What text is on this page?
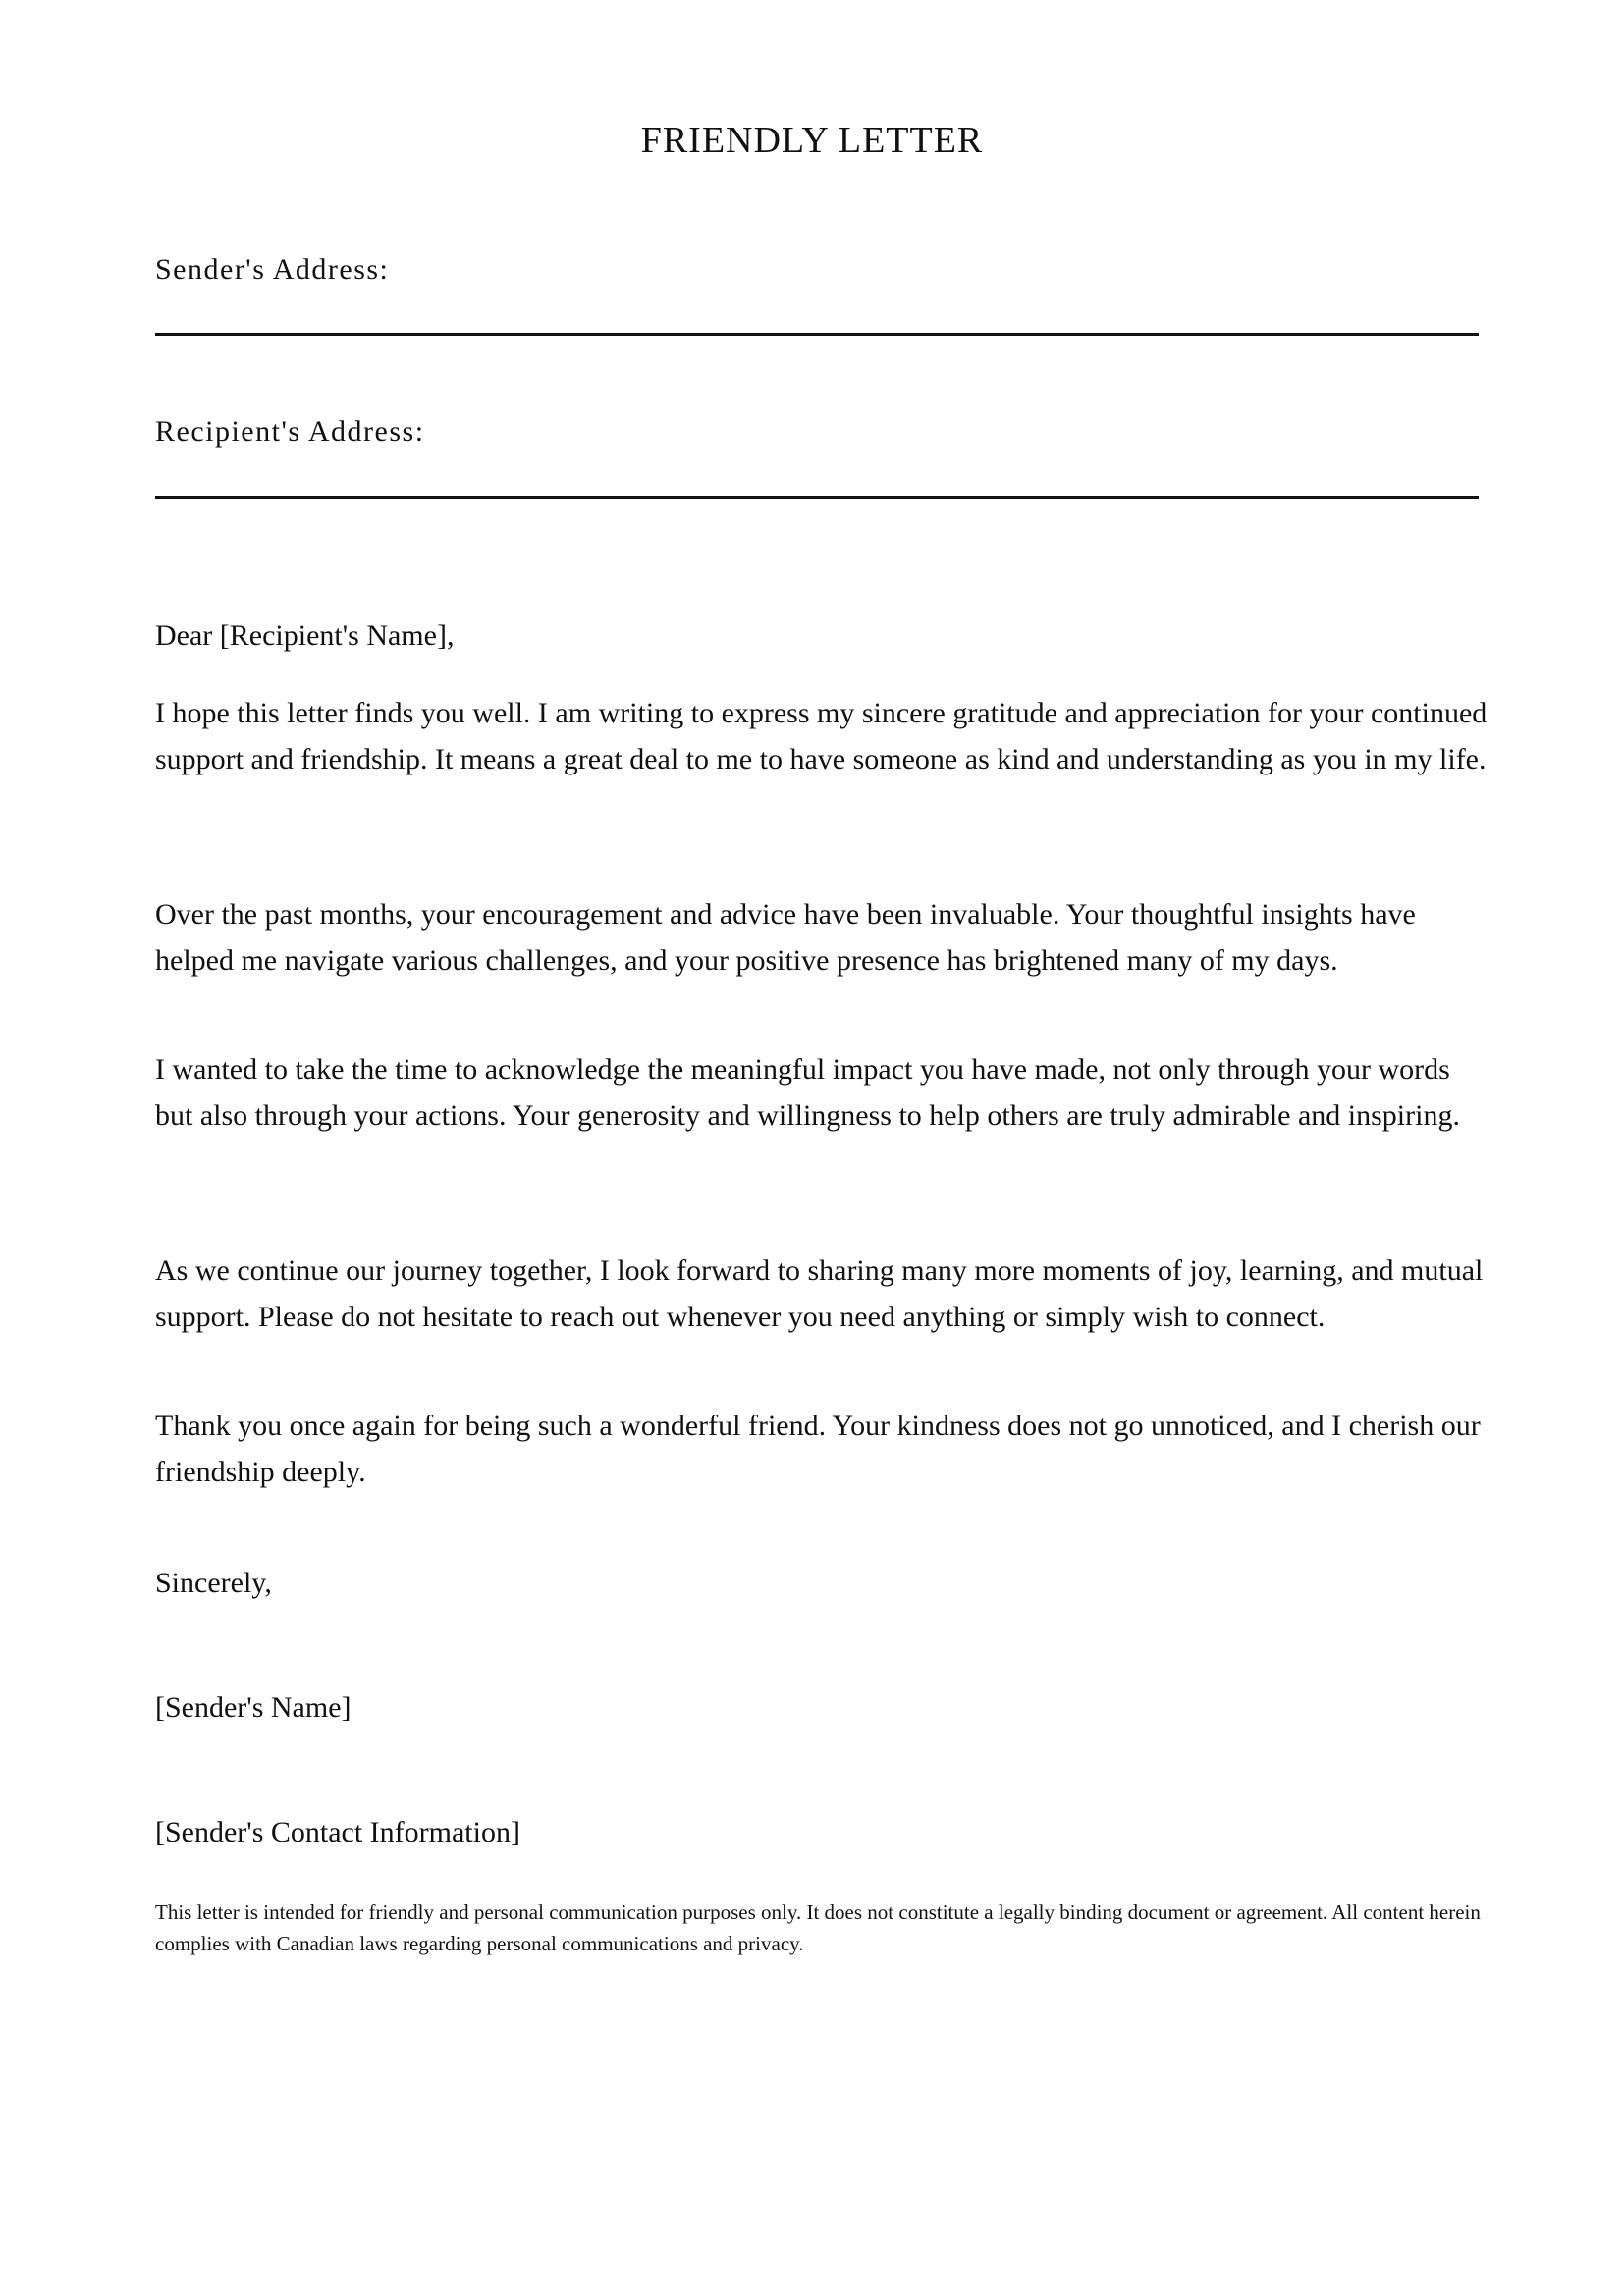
FRIENDLY LETTER
Sender's Address:
Recipient's Address:

Dear [Recipient's Name],

I hope this letter finds you well. I am writing to express my sincere gratitude and appreciation for your continued support and friendship. It means a great deal to me to have someone as kind and understanding as you in my life.

Over the past months, your encouragement and advice have been invaluable. Your thoughtful insights have helped me navigate various challenges, and your positive presence has brightened many of my days.

I wanted to take the time to acknowledge the meaningful impact you have made, not only through your words but also through your actions. Your generosity and willingness to help others are truly admirable and inspiring.

As we continue our journey together, I look forward to sharing many more moments of joy, learning, and mutual support. Please do not hesitate to reach out whenever you need anything or simply wish to connect.

Thank you once again for being such a wonderful friend. Your kindness does not go unnoticed, and I cherish our friendship deeply.

Sincerely,

[Sender's Name]

[Sender's Contact Information]

This letter is intended for friendly and personal communication purposes only. It does not constitute a legally binding document or agreement. All content herein complies with Canadian laws regarding personal communications and privacy.
